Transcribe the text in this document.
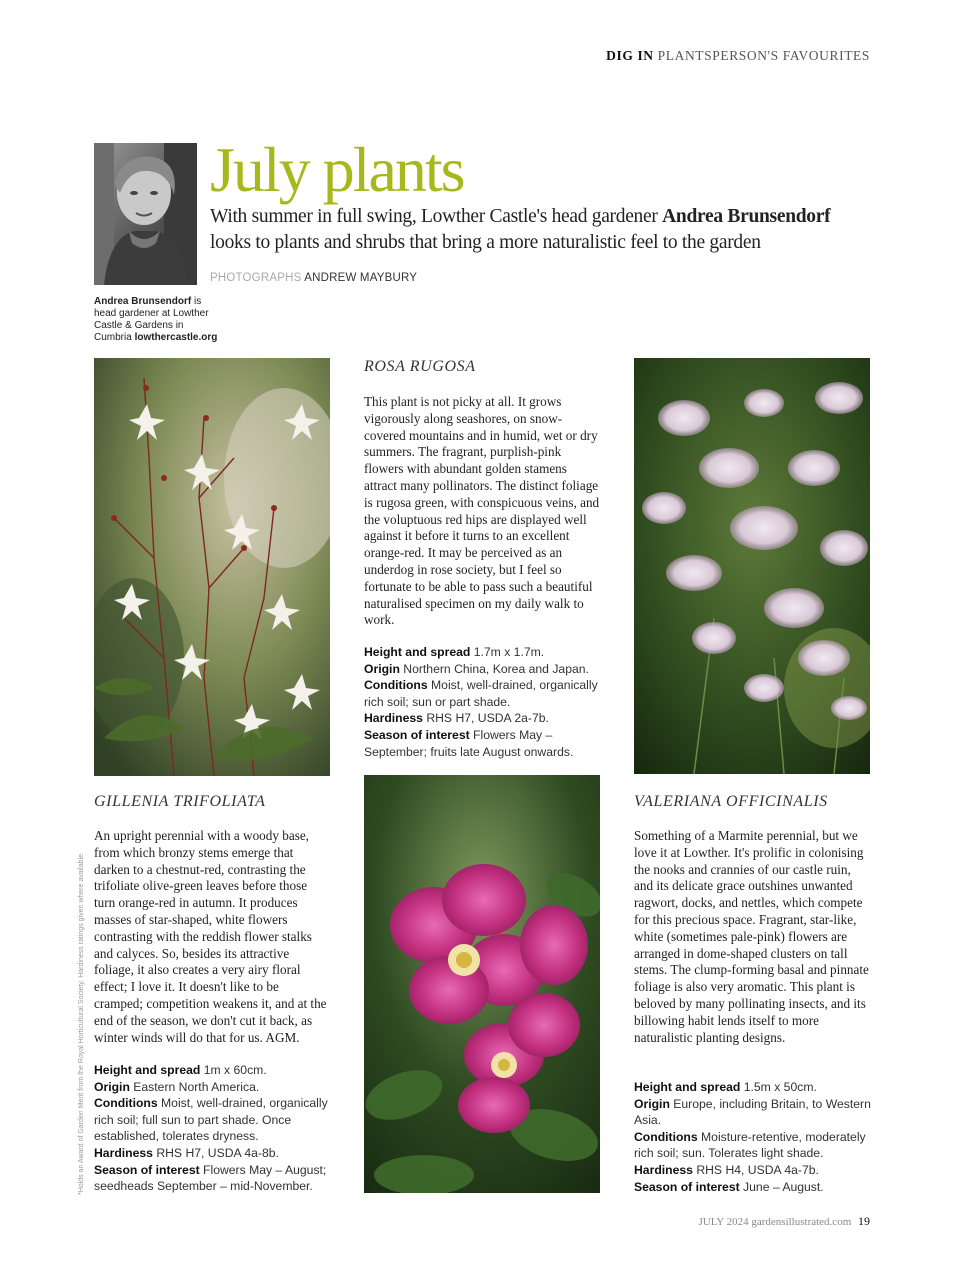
DIG IN PLANTSPERSON'S FAVOURITES
Andrea Brunsendorf is head gardener at Lowther Castle & Gardens in Cumbria lowthercastle.org
July plants
With summer in full swing, Lowther Castle's head gardener Andrea Brunsendorf looks to plants and shrubs that bring a more naturalistic feel to the garden
PHOTOGRAPHS ANDREW MAYBURY
ROSA RUGOSA
This plant is not picky at all. It grows vigorously along seashores, on snow-covered mountains and in humid, wet or dry summers. The fragrant, purplish-pink flowers with abundant golden stamens attract many pollinators. The distinct foliage is rugosa green, with conspicuous veins, and the voluptuous red hips are displayed well against it before it turns to an excellent orange-red. It may be perceived as an underdog in rose society, but I feel so fortunate to be able to pass such a beautiful naturalised specimen on my daily walk to work.
Height and spread 1.7m x 1.7m.
Origin Northern China, Korea and Japan.
Conditions Moist, well-drained, organically rich soil; sun or part shade.
Hardiness RHS H7, USDA 2a-7b.
Season of interest Flowers May – September; fruits late August onwards.
GILLENIA TRIFOLIATA
An upright perennial with a woody base, from which bronzy stems emerge that darken to a chestnut-red, contrasting the trifoliate olive-green leaves before those turn orange-red in autumn. It produces masses of star-shaped, white flowers contrasting with the reddish flower stalks and calyces. So, besides its attractive foliage, it also creates a very airy floral effect; I love it. It doesn't like to be cramped; competition weakens it, and at the end of the season, we don't cut it back, as winter winds will do that for us. AGM.
Height and spread 1m x 60cm.
Origin Eastern North America.
Conditions Moist, well-drained, organically rich soil; full sun to part shade. Once established, tolerates dryness.
Hardiness RHS H7, USDA 4a-8b.
Season of interest Flowers May – August; seedheads September – mid-November.
VALERIANA OFFICINALIS
Something of a Marmite perennial, but we love it at Lowther. It's prolific in colonising the nooks and crannies of our castle ruin, and its delicate grace outshines unwanted ragwort, docks, and nettles, which compete for this precious space. Fragrant, star-like, white (sometimes pale-pink) flowers are arranged in dome-shaped clusters on tall stems. The clump-forming basal and pinnate foliage is also very aromatic. This plant is beloved by many pollinating insects, and its billowing habit lends itself to more naturalistic planting designs.
Height and spread 1.5m x 50cm.
Origin Europe, including Britain, to Western Asia.
Conditions Moisture-retentive, moderately rich soil; sun. Tolerates light shade.
Hardiness RHS H4, USDA 4a-7b.
Season of interest June – August.
*Holds an Award of Garden Merit from the Royal Horticultural Society. Hardiness ratings given where available.
JULY 2024 gardensillustrated.com 19
